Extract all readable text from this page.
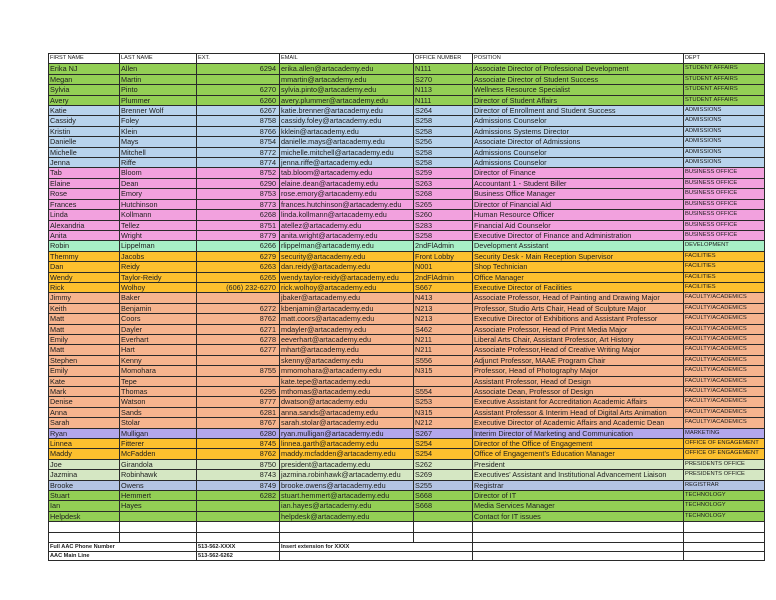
FIRST NAME	LAST NAME	EXT.	EMAIL	OFFICE NUMBER	POSITION	DEPT
Erika NJ	Allen	6294	erika.allen@artacademy.edu	N111	Associate Director of Professional Development	STUDENT AFFAIRS
Megan	Martin		mmartin@artacademy.edu	S270	Associate Director of Student Success	STUDENT AFFAIRS
Sylvia	Pinto	6270	sylvia.pinto@artacademy.edu	N113	Wellness Resource Specialist	STUDENT AFFAIRS
Avery	Plummer	6260	avery.plummer@artacademy.edu	N111	Director of Student Affairs	STUDENT AFFAIRS
Katie	Brenner Wolf	6267	katie.brenner@artacademy.edu	S264	Director of Enrollment and Student Success	ADMISSIONS
Cassidy	Foley	8758	cassidy.foley@artacademy.edu	S258	Admissions Counselor	ADMISSIONS
Kristin	Klein	8766	kklein@artacademy.edu	S258	Admissions Systems Director	ADMISSIONS
Danielle	Mays	8754	danielle.mays@artacademy.edu	S256	Associate Director of Admissions	ADMISSIONS
Michelle	Mitchell	8772	michelle.mitchell@artacademy.edu	S258	Admissions Counselor	ADMISSIONS
Jenna	Riffe	8774	jenna.riffe@artacademy.edu	S258	Admissions Counselor	ADMISSIONS
Tab	Bloom	8752	tab.bloom@artacademy.edu	S259	Director of Finance	BUSINESS OFFICE
Elaine	Dean	6290	elaine.dean@artacademy.edu	S263	Accountant 1 - Student Biller	BUSINESS OFFICE
Rose	Emory	8753	rose.emory@artacademy.edu	S268	Business Office Manager	BUSINESS OFFICE
Frances	Hutchinson	8773	frances.hutchinson@artacademy.edu	S265	Director of Financial Aid	BUSINESS OFFICE
Linda	Kollmann	6268	linda.kollmann@artacademy.edu	S260	Human Resource Officer	BUSINESS OFFICE
Alexandria	Tellez	8751	atellez@artacademy.edu	S283	Financial Aid Counselor	BUSINESS OFFICE
Anita	Wright	8779	anita.wright@artacademy.edu	S258	Executive Director of Finance and Administration	BUSINESS OFFICE
Robin	Lippelman	6266	rlippelman@artacademy.edu	2ndFlAdmin	Development Assistant	DEVELOPMENT
Themmy	Jacobs	6279	security@artacademy.edu	Front Lobby	Security Desk - Main Reception Supervisor	FACILITIES
Dan	Reidy	6263	dan.reidy@artacademy.edu	N001	Shop Technician	FACILITIES
Wendy	Taylor-Reidy	6265	wendy.taylor-reidy@artacademy.edu	2ndFlAdmin	Office Manager	FACILITIES
Rick	Wolhoy	(606) 232-6270	rick.wolhoy@artacademy.edu	S667	Executive Director of Facilities	FACILITIES
Jimmy	Baker		jbaker@artacademy.edu	N413	Associate Professor, Head of Painting and Drawing Major	FACULTY/ACADEMICS
Keith	Benjamin	6272	kbenjamin@artacademy.edu	N213	Professor, Studio Arts Chair, Head of Sculpture Major	FACULTY/ACADEMICS
Matt	Coors	8762	matt.coors@artacademy.edu	N213	Executive Director of Exhibitions and Assistant Professor	FACULTY/ACADEMICS
Matt	Dayler	6271	mdayler@artacademy.edu	S462	Associate Professor, Head of Print Media Major	FACULTY/ACADEMICS
Emily	Everhart	6278	eeverhart@artacademy.edu	N211	Liberal Arts Chair, Assistant Professor, Art History	FACULTY/ACADEMICS
Matt	Hart	6277	mhart@artacademy.edu	N211	Associate Professor,Head of Creative Writing Major	FACULTY/ACADEMICS
Stephen	Kenny		skenny@artacademy.edu	S556	Adjunct Professor, MAAE Program Chair	FACULTY/ACADEMICS
Emily	Momohara	8755	mmomohara@artacademy.edu	N315	Professor, Head of Photography Major	FACULTY/ACADEMICS
Kate	Tepe		kate.tepe@artacademy.edu		Assistant Professor, Head of Design	FACULTY/ACADEMICS
Mark	Thomas	6295	mthomas@artacademy.edu	S554	Associate Dean, Professor of Design	FACULTY/ACADEMICS
Denise	Watson	8777	dwatson@artacademy.edu	S253	Executive Assistant for Accreditation Academic Affairs	FACULTY/ACADEMICS
Anna	Sands	6281	anna.sands@artacademy.edu	N315	Assistant Professor & Interim Head of Digital Arts Animation	FACULTY/ACADEMICS
Sarah	Stolar	8767	sarah.stolar@artacademy.edu	N212	Executive Director of Academic Affairs and Academic Dean	FACULTY/ACADEMICS
Ryan	Mulligan	6280	ryan.mulligan@artacademy.edu	S267	Interim Director of Marketing and Communication	MARKETING
Linnea	Fitterer	8745	linnea.garth@artacademy.edu	S254	Director of the Office of Engagement	OFFICE OF ENGAGEMENT
Maddy	McFadden	8762	maddy.mcfadden@artacademy.edu	S254	Office of Engagement's Education Manager	OFFICE OF ENGAGEMENT
Joe	Girandola	8750	president@artacademy.edu	S262	President	PRESIDENTS OFFICE
Jazmina	Robinhawk	8743	jazmina.robinhawk@artacademy.edu	S269	Executives' Assistant and Institutional Advancement Liaison	PRESIDENTS OFFICE
Brooke	Owens	8749	brooke.owens@artacademy.edu	S255	Registrar	REGISTRAR
Stuart	Hemmert	6282	stuart.hemmert@artacademy.edu	S668	Director of IT	TECHNOLOGY
Ian	Hayes		ian.hayes@artacademy.edu	S668	Media Services Manager	TECHNOLOGY
Helpdesk			helpdesk@artacademy.edu		Contact for IT issues	TECHNOLOGY

Full AAC Phone Number		513-562-XXXX	Insert extension for XXXX			
AAC Main Line		513-562-6262				
